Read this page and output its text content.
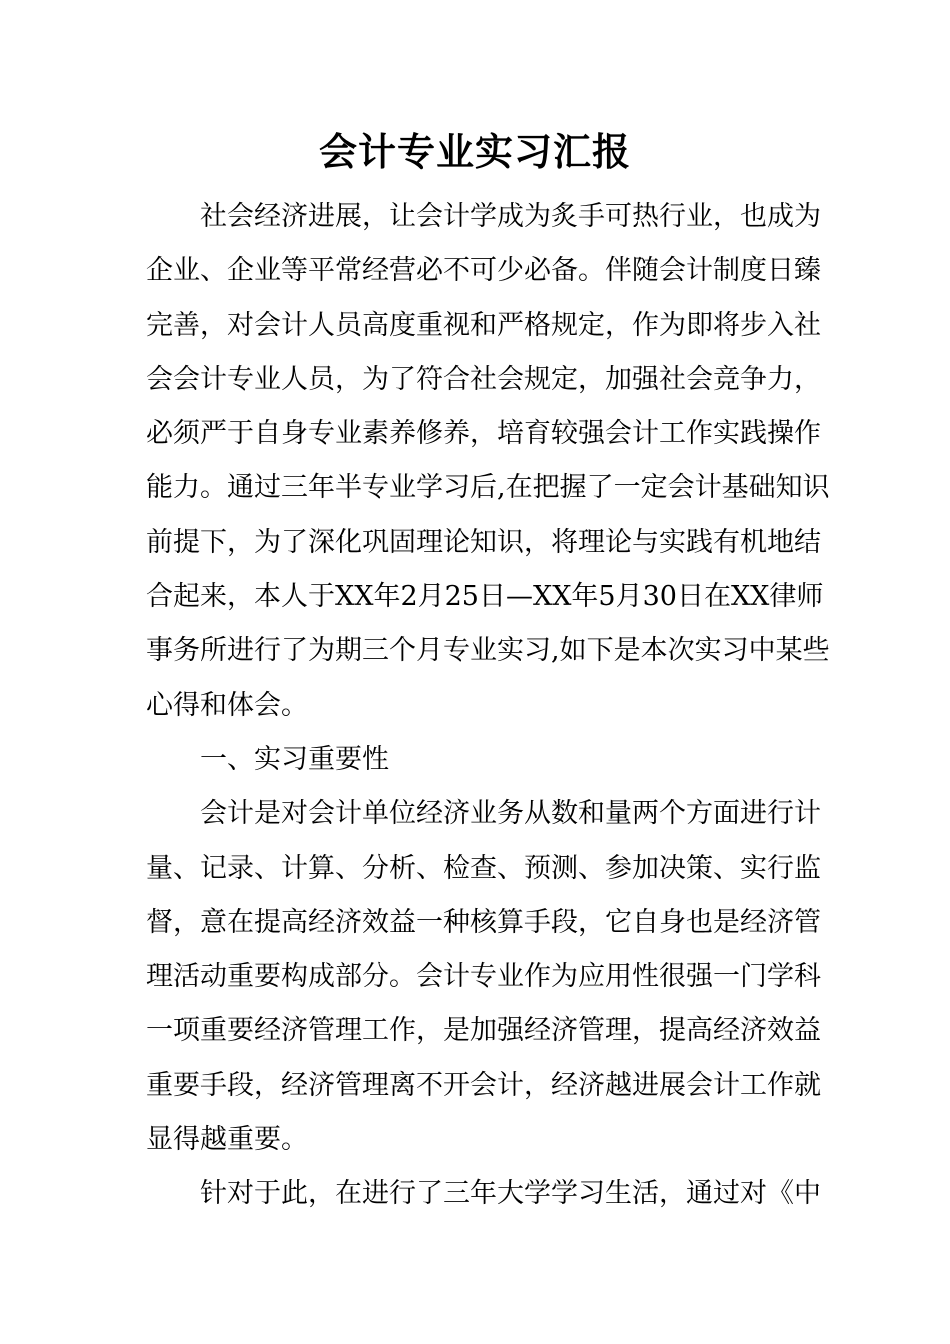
会计专业实习汇报

社会经济进展，让会计学成为炙手可热行业，也成为
企业、企业等平常经营必不可少必备。伴随会计制度日臻
完善，对会计人员高度重视和严格规定，作为即将步入社
会会计专业人员，为了符合社会规定，加强社会竞争力，
必须严于自身专业素养修养，培育较强会计工作实践操作
能力。通过三年半专业学习后,在把握了一定会计基础知识
前提下，为了深化巩固理论知识，将理论与实践有机地结
合起来，本人于XX年2月25日—XX年5月30日在XX律师
事务所进行了为期三个月专业实习,如下是本次实习中某些
心得和体会。

一、实习重要性

会计是对会计单位经济业务从数和量两个方面进行计
量、记录、计算、分析、检查、预测、参加决策、实行监
督，意在提高经济效益一种核算手段，它自身也是经济管
理活动重要构成部分。会计专业作为应用性很强一门学科
一项重要经济管理工作，是加强经济管理，提高经济效益
重要手段，经济管理离不开会计，经济越进展会计工作就
显得越重要。

针对于此，在进行了三年大学学习生活，通过对《中
